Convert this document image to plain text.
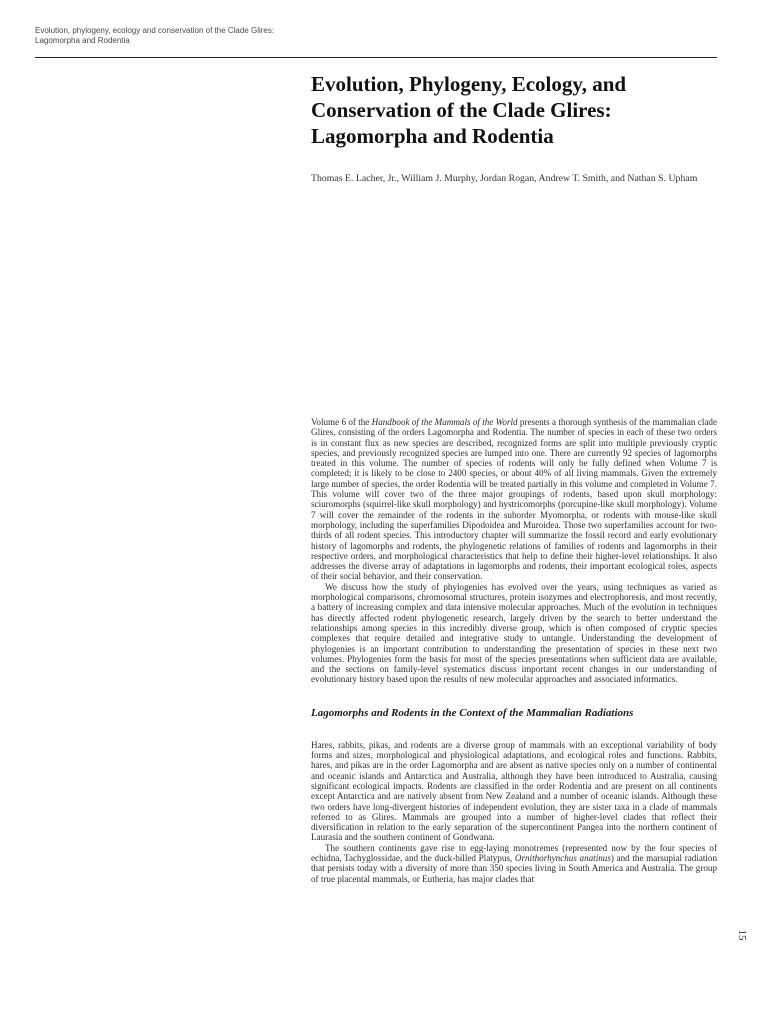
Evolution, phylogeny, ecology and conservation of the Clade Glires:
Lagomorpha and Rodentia
Evolution, Phylogeny, Ecology, and
Conservation of the Clade Glires:
Lagomorpha and Rodentia
Thomas E. Lacher, Jr., William J. Murphy, Jordan Rogan, Andrew T. Smith, and Nathan S. Upham

Volume 6 of the Handbook of the Mammals of the World presents a thorough synthesis of the mammalian clade Glires, consisting of the orders Lagomorpha and Rodentia. The number of species in each of these two orders is in constant flux as new species are described, recognized forms are split into multiple previously cryptic species, and previously recognized species are lumped into one. There are currently 92 species of lagomorphs treated in this volume. The number of species of rodents will only be fully defined when Volume 7 is completed; it is likely to be close to 2400 species, or about 40% of all living mammals. Given the extremely large number of species, the order Rodentia will be treated partially in this volume and completed in Volume 7. This volume will cover two of the three major groupings of rodents, based upon skull morphology: sciuromorphs (squirrel-like skull morphology) and hystricomorphs (porcupine-like skull morphology). Volume 7 will cover the remainder of the rodents in the suborder Myomorpha, or rodents with mouse-like skull morphology, including the superfamilies Dipodoidea and Muroidea. Those two superfamilies account for two-thirds of all rodent species. This introductory chapter will summarize the fossil record and early evolutionary history of lagomorphs and rodents, the phylogenetic relations of families of rodents and lagomorphs in their respective orders, and morphological characteristics that help to define their higher-level relationships. It also addresses the diverse array of adaptations in lagomorphs and rodents, their important ecological roles, aspects of their social behavior, and their conservation.

We discuss how the study of phylogenies has evolved over the years, using techniques as varied as morphological comparisons, chromosomal structures, protein isozymes and electrophoresis, and most recently, a battery of increasing complex and data intensive molecular approaches. Much of the evolution in techniques has directly affected rodent phylogenetic research, largely driven by the search to better understand the relationships among species in this incredibly diverse group, which is often composed of cryptic species complexes that require detailed and integrative study to untangle. Understanding the development of phylogenies is an important contribution to understanding the presentation of species in these next two volumes. Phylogenies form the basis for most of the species presentations when sufficient data are available, and the sections on family-level systematics discuss important recent changes in our understanding of evolutionary history based upon the results of new molecular approaches and associated informatics.

Lagomorphs and Rodents in the Context of the Mammalian Radiations

Hares, rabbits, pikas, and rodents are a diverse group of mammals with an exceptional variability of body forms and sizes, morphological and physiological adaptations, and ecological roles and functions. Rabbits, hares, and pikas are in the order Lagomorpha and are absent as native species only on a number of continental and oceanic islands and Antarctica and Australia, although they have been introduced to Australia, causing significant ecological impacts. Rodents are classified in the order Rodentia and are present on all continents except Antarctica and are natively absent from New Zealand and a number of oceanic islands. Although these two orders have long-divergent histories of independent evolution, they are sister taxa in a clade of mammals referred to as Glires. Mammals are grouped into a number of higher-level clades that reflect their diversification in relation to the early separation of the supercontinent Pangea into the northern continent of Laurasia and the southern continent of Gondwana.

The southern continents gave rise to egg-laying monotremes (represented now by the four species of echidna, Tachyglossidae, and the duck-billed Platypus, Ornithorhynchus anatinus) and the marsupial radiation that persists today with a diversity of more than 350 species living in South America and Australia. The group of true placental mammals, or Eutheria, has major clades that

15
